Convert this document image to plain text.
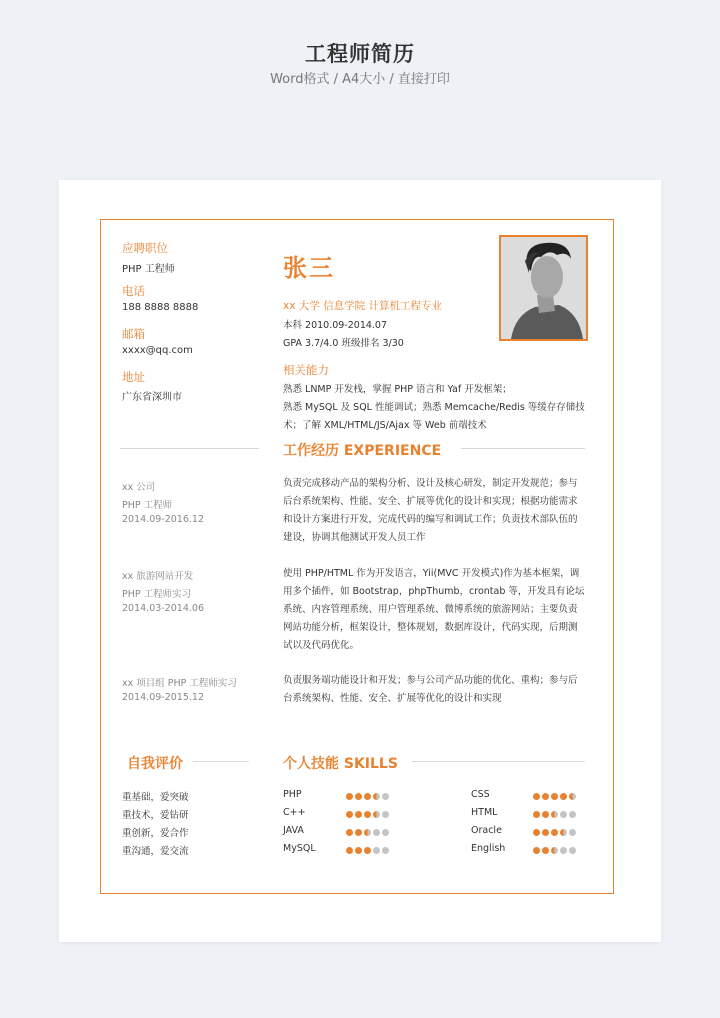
工程师简历
Word格式 / A4大小 / 直接打印
应聘职位
PHP 工程师
电话
188 8888 8888
邮箱
xxxx@qq.com
地址
广东省深圳市
张三
xx 大学 信息学院 计算机工程专业
本科 2010.09-2014.07
GPA 3.7/4.0 班级排名 3/30
相关能力
熟悉 LNMP 开发栈，掌握 PHP 语言和 Yaf 开发框架；
熟悉 MySQL 及 SQL 性能调试；熟悉 Memcache/Redis 等缓存存储技
术；了解 XML/HTML/JS/Ajax 等 Web 前端技术
工作经历 EXPERIENCE
xx 公司
PHP 工程师
2014.09-2016.12
负责完成移动产品的架构分析、设计及核心研发，制定开发规范；参与
后台系统架构、性能、安全、扩展等优化的设计和实现；根据功能需求
和设计方案进行开发，完成代码的编写和调试工作；负责技术部队伍的
建设，协调其他测试开发人员工作
xx 旅游网站开发
PHP 工程师实习
2014.03-2014.06
使用 PHP/HTML 作为开发语言，Yii(MVC 开发模式)作为基本框架，调
用多个插件，如 Bootstrap，phpThumb，crontab 等，开发具有论坛
系统、内容管理系统、用户管理系统、微博系统的旅游网站；主要负责
网站功能分析，框架设计，整体规划，数据库设计，代码实现，后期测
试以及代码优化。
xx 项目组 PHP 工程师实习
2014.09-2015.12
负责服务端功能设计和开发；参与公司产品功能的优化、重构；参与后
台系统架构、性能、安全、扩展等优化的设计和实现
自我评价
重基础，爱突破
重技术，爱钻研
重创新，爱合作
重沟通，爱交流
个人技能 SKILLS
PHP
C++
JAVA
MySQL
CSS
HTML
Oracle
English
